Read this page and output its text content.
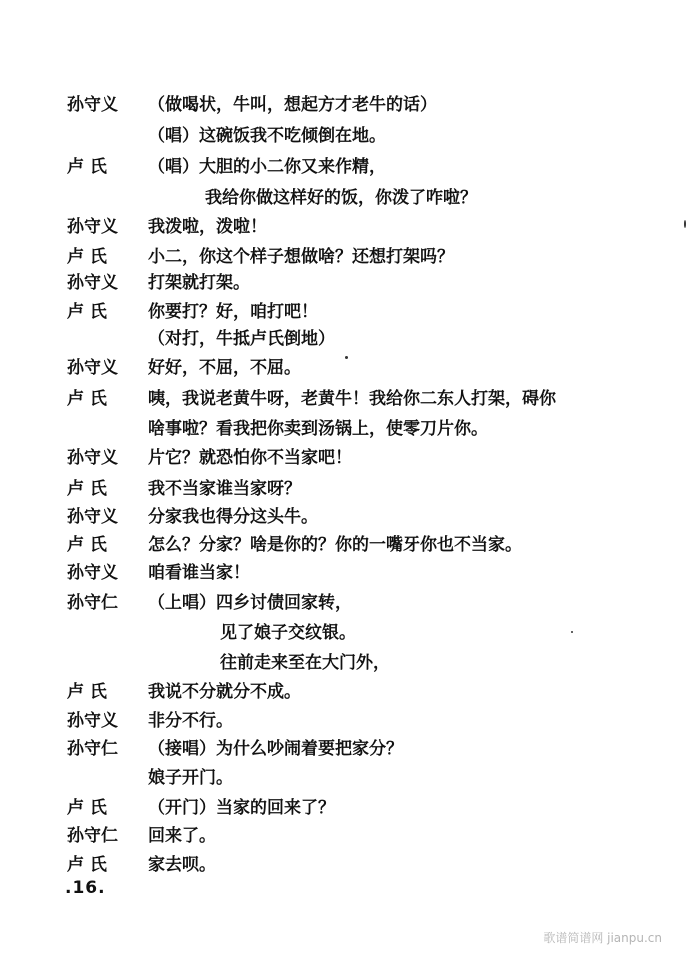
孙守义 （做喝状，牛叫，想起方才老牛的话）
（唱）这碗饭我不吃倾倒在地。
卢 氏 （唱）大胆的小二你又来作精，
我给你做这样好的饭，你泼了咋啦？
孙守义 我泼啦，泼啦！
卢 氏 小二，你这个样子想做啥？还想打架吗？
孙守义 打架就打架。
卢 氏 你要打？好，咱打吧！
（对打，牛抵卢氏倒地）
孙守义 好好，不屈，不屈。
卢 氏 咦，我说老黄牛呀，老黄牛！我给你二东人打架，碍你
啥事啦？看我把你卖到汤锅上，使零刀片你。
孙守义 片它？就恐怕你不当家吧！
卢 氏 我不当家谁当家呀？
孙守义 分家我也得分这头牛。
卢 氏 怎么？分家？啥是你的？你的一嘴牙你也不当家。
孙守义 咱看谁当家！
孙守仁 （上唱）四乡讨债回家转，
见了娘子交纹银。
往前走来至在大门外，
卢 氏 我说不分就分不成。
孙守义 非分不行。
孙守仁 （接唱）为什么吵闹着要把家分？
娘子开门。
卢 氏 （开门）当家的回来了？
孙守仁 回来了。
卢 氏 家去呗。
.16.
歌谱简谱网 jianpu.cn
